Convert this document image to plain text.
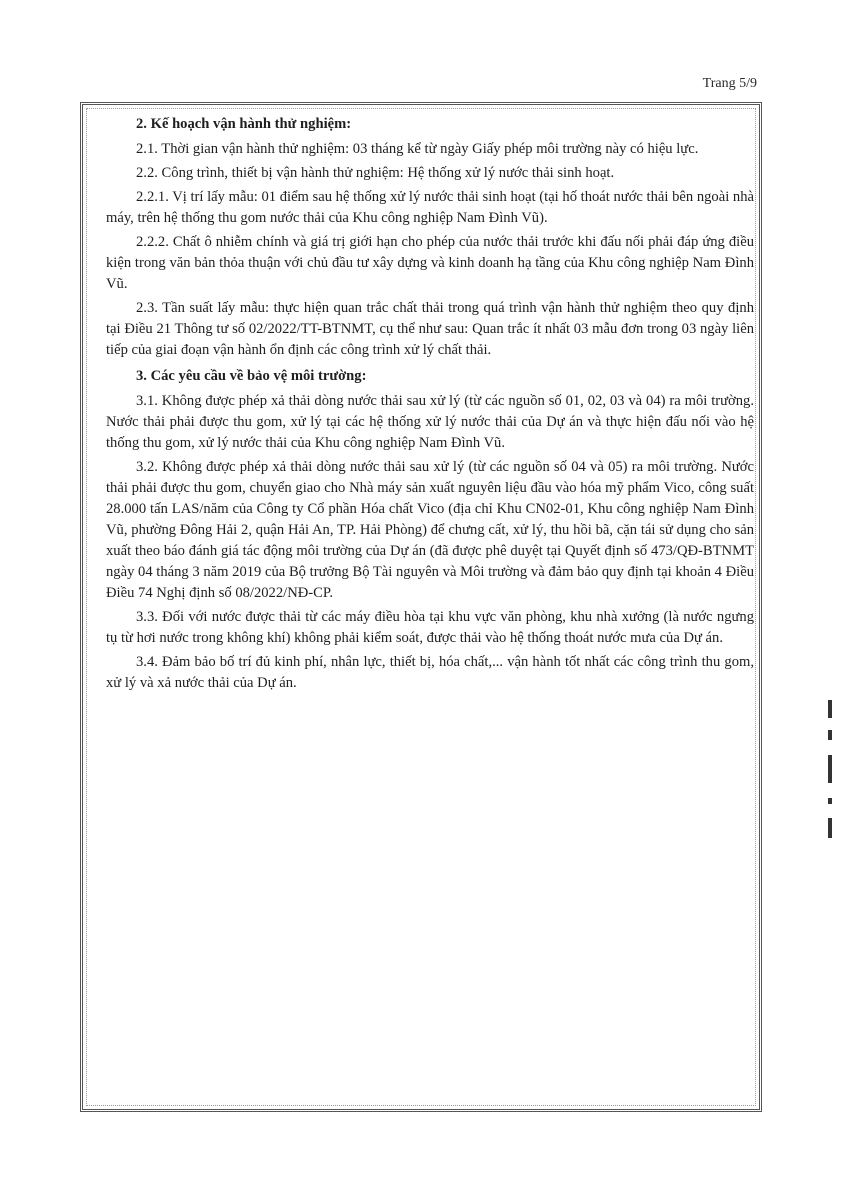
Trang 5/9
2. Kế hoạch vận hành thử nghiệm:

2.1. Thời gian vận hành thử nghiệm: 03 tháng kể từ ngày Giấy phép môi trường này có hiệu lực.

2.2. Công trình, thiết bị vận hành thử nghiệm: Hệ thống xử lý nước thải sinh hoạt.

2.2.1. Vị trí lấy mẫu: 01 điểm sau hệ thống xử lý nước thải sinh hoạt (tại hố thoát nước thải bên ngoài nhà máy, trên hệ thống thu gom nước thải của Khu công nghiệp Nam Đình Vũ).

2.2.2. Chất ô nhiễm chính và giá trị giới hạn cho phép của nước thải trước khi đấu nối phải đáp ứng điều kiện trong văn bản thỏa thuận với chủ đầu tư xây dựng và kinh doanh hạ tầng của Khu công nghiệp Nam Đình Vũ.

2.3. Tần suất lấy mẫu: thực hiện quan trắc chất thải trong quá trình vận hành thử nghiệm theo quy định tại Điều 21 Thông tư số 02/2022/TT-BTNMT, cụ thể như sau: Quan trắc ít nhất 03 mẫu đơn trong 03 ngày liên tiếp của giai đoạn vận hành ổn định các công trình xử lý chất thải.

3. Các yêu cầu về bảo vệ môi trường:

3.1. Không được phép xả thải dòng nước thải sau xử lý (từ các nguồn số 01, 02, 03 và 04) ra môi trường. Nước thải phải được thu gom, xử lý tại các hệ thống xử lý nước thải của Dự án và thực hiện đấu nối vào hệ thống thu gom, xử lý nước thải của Khu công nghiệp Nam Đình Vũ.

3.2. Không được phép xả thải dòng nước thải sau xử lý (từ các nguồn số 04 và 05) ra môi trường. Nước thải phải được thu gom, chuyển giao cho Nhà máy sản xuất nguyên liệu đầu vào hóa mỹ phẩm Vico, công suất 28.000 tấn LAS/năm của Công ty Cổ phần Hóa chất Vico (địa chỉ Khu CN02-01, Khu công nghiệp Nam Đình Vũ, phường Đông Hải 2, quận Hải An, TP. Hải Phòng) để chưng cất, xử lý, thu hồi bã, cặn tái sử dụng cho sản xuất theo báo đánh giá tác động môi trường của Dự án (đã được phê duyệt tại Quyết định số 473/QĐ-BTNMT ngày 04 tháng 3 năm 2019 của Bộ trưởng Bộ Tài nguyên và Môi trường và đảm bảo quy định tại khoản 4 Điều Điều 74 Nghị định số 08/2022/NĐ-CP.

3.3. Đối với nước được thải từ các máy điều hòa tại khu vực văn phòng, khu nhà xưởng (là nước ngưng tụ từ hơi nước trong không khí) không phải kiểm soát, được thải vào hệ thống thoát nước mưa của Dự án.

3.4. Đảm bảo bố trí đủ kinh phí, nhân lực, thiết bị, hóa chất,... vận hành tốt nhất các công trình thu gom, xử lý và xả nước thải của Dự án.
